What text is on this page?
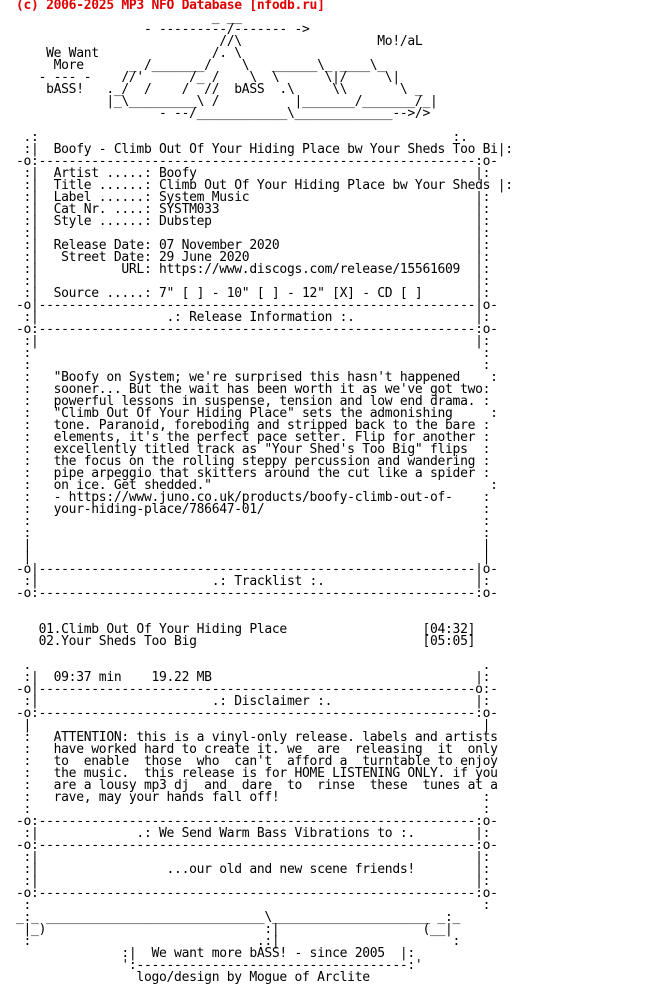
(c) 2006-2025 MP3 NFO Database [nfodb.ru]
_ __
- ---------/------- ->
//\                  Mo!/aL
We Want               /. \
More      _ /_______/    \   ______\_ ____\_
- --- -    //'      /_ /    \  \      \|/     \|
bASS!   ._/  /    /  //  bASS  .\     \\       \ _
|_\_________\ /          |_______/_______/_|
- --/____________\_____________-->/>
.:                                                       :.
:|  Boofy - Climb Out Of Your Hiding Place bw Your Sheds Too Bi|:
-o:----------------------------------------------------------:o-
:|  Artist .....: Boofy                                     |:
:|  Title ......: Climb Out Of Your Hiding Place bw Your Sheds |:
:|  Label ......: System Music                              |:
:|  Cat Nr. ....: SYSTM033                                  |:
:|  Style ......: Dubstep                                   |:
:|                                                          |:
:|  Release Date: 07 November 2020                          |:
:|   Street Date: 29 June 2020                              |:
:|           URL: https://www.discogs.com/release/15561609  |:
:|                                                          |:
:|  Source .....: 7" [ ] - 10" [ ] - 12" [X] - CD [ ]       |:
-o|----------------------------------------------------------|o-
:|                 .: Release Information :.                |:
-o:----------------------------------------------------------:o-
:|                                                          |:
:                                                            :
:                                                            :
:   "Boofy on System; we're surprised this hasn't happened    :
:   sooner... But the wait has been worth it as we've got two:
:   powerful lessons in suspense, tension and low end drama. :
:   "Climb Out Of Your Hiding Place" sets the admonishing     :
:   tone. Paranoid, foreboding and stripped back to the bare :
:   elements, it's the perfect pace setter. Flip for another :
:   excellently titled track as "Your Shed's Too Big" flips  :
:   the focus on the rolling steppy percussion and wandering :
:   pipe arpeggio that skitters around the cut like a spider :
:   on ice. Get shedded."                                     :
:   - https://www.juno.co.uk/products/boofy-climb-out-of-    :
:   your-hiding-place/786647-01/                             :
:                                                            :
:                                                            :
|                                                            |
|                                                            |
-o|----------------------------------------------------------|o-
:|                       .: Tracklist :.                    |:
-o:----------------------------------------------------------:o-
01.Climb Out Of Your Hiding Place                  [04:32]
02.Your Sheds Too Big                              [05:05]
.                                                            .
:|  09:37 min    19.22 MB                                   |:
-o|----------------------------------------------------------o:-
:|                       .: Disclaimer :.                   |:
-o:----------------------------------------------------------:o-
|                                                            |
:   ATTENTION: this is a vinyl-only release. labels and artists
:   have worked hard to create it. we  are  releasing  it  only
:   to  enable  those  who  can't  afford a  turntable to enjoy
:   the music.  this release is for HOME LISTENING ONLY. if you
:   are a lousy mp3 dj  and  dare  to  rinse  these  tunes at a
:   rave, may your hands fall off!                           :
:                                                            :
-o:----------------------------------------------------------:o-
:|             .: We Send Warm Bass Vibrations to :.        |:
-o:----------------------------------------------------------:o-
:|                                                          |:
:|                 ...our old and new scene friends!        |:
:|                                                          |:
-o:----------------------------------------------------------:o-
:                                                            :
_:_ _____________________________\_____________________ _:_
|_)                             :|                   (__|
:                              .:|                       :
:|  We want more bASS! - since 2005  |:
':------------------------------------:'
logo/design by Mogue of Arclite
